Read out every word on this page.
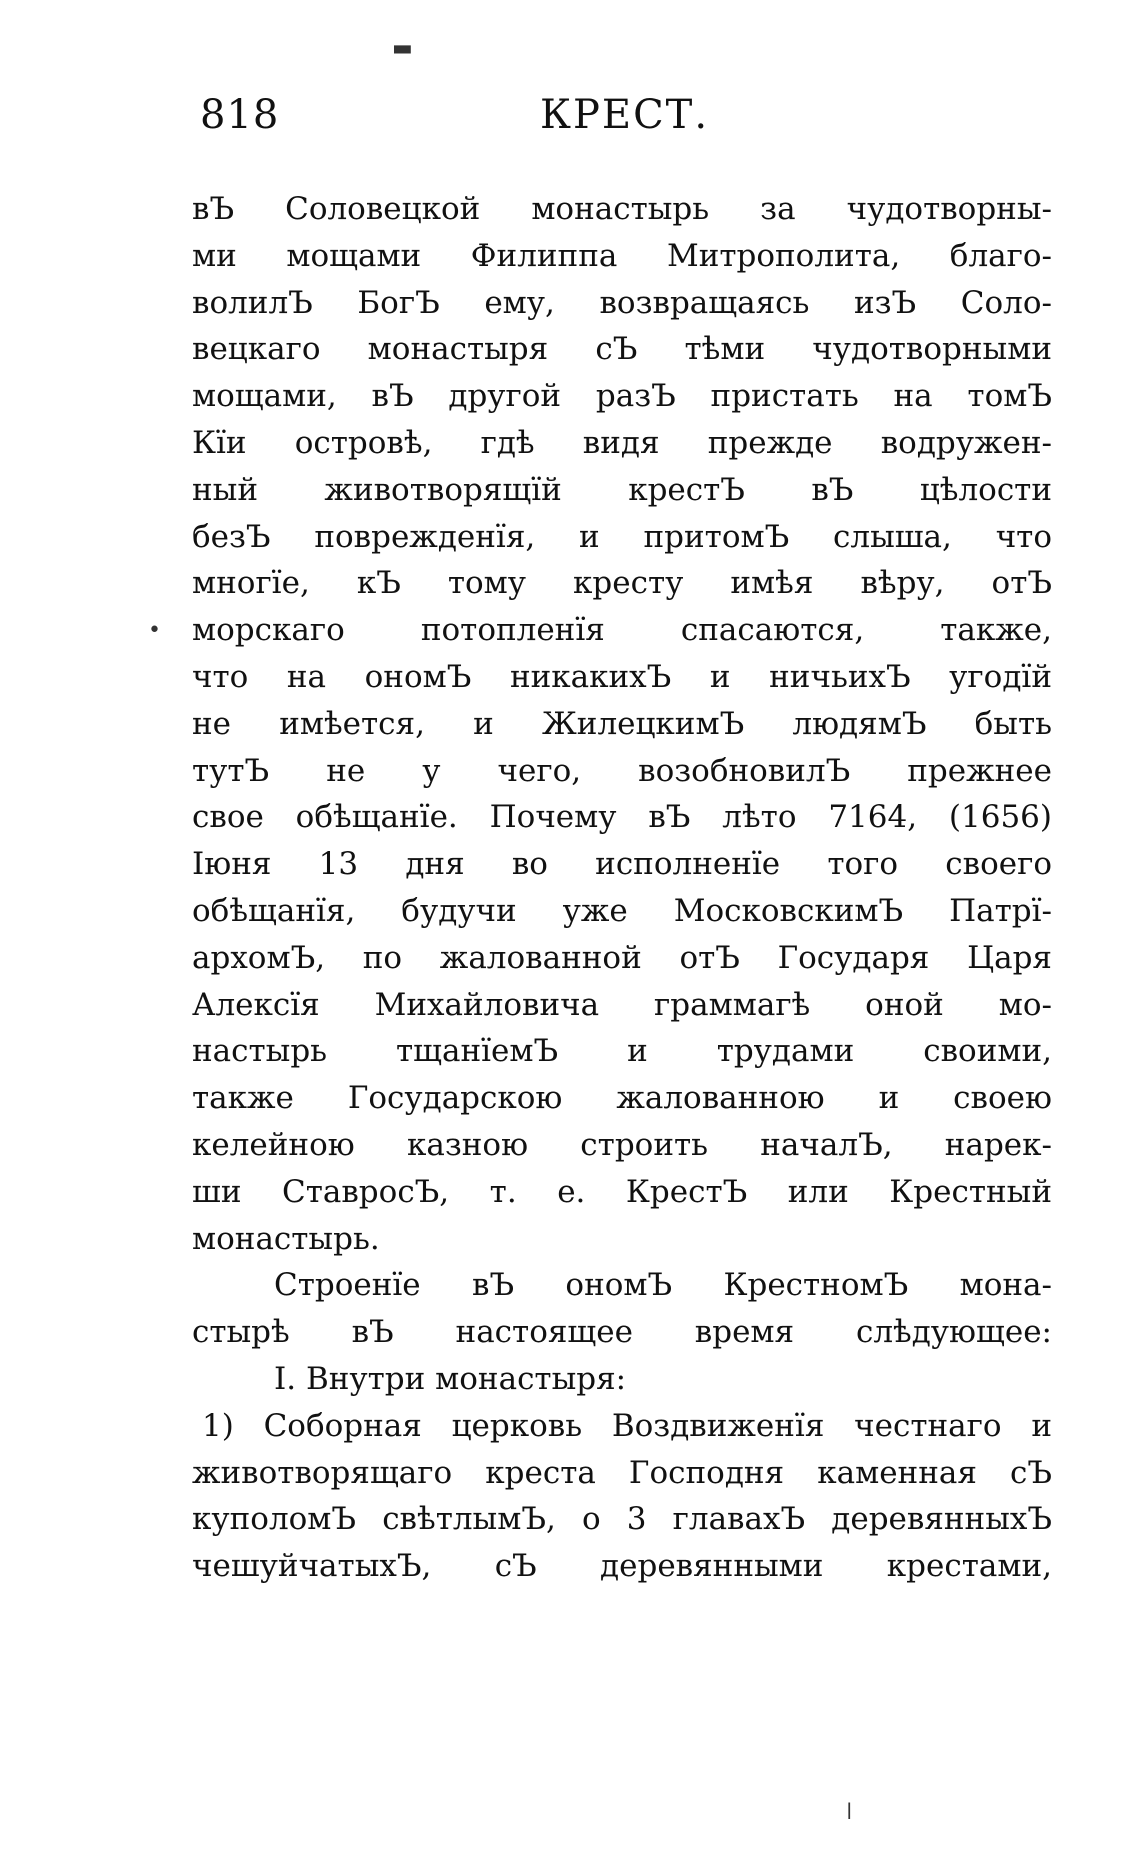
818	КРЕСТ.
вЪ Соловецкой монастырь за чудотворны-
ми мощами Филиппа Митрополита, благо-
волилЪ БогЪ ему, возвращаясь изЪ Соло-
вецкаго монастыря сЪ тѣми чудотворными
мощами, вЪ другой разЪ пристать на томЪ
Кїи островѣ, гдѣ видя прежде водружен-
ный животворящїй крестЪ вЪ цѣлости
безЪ поврежденїя, и притомЪ слыша, что
многїе, кЪ тому кресту имѣя вѣру, отЪ
морскаго потопленїя спасаются, также,
что на ономЪ никакихЪ и ничьихЪ угодїй
не имѣется, и ЖилецкимЪ людямЪ быть
тутЪ не у чего, возобновилЪ прежнее
свое обѣщанїе. Почему вЪ лѣто 7164, (1656)
Iюня 13 дня во исполненїе того своего
обѣщанїя, будучи уже МосковскимЪ Патрї-
архомЪ, по жалованной отЪ Государя Царя
Алексїя Михайловича граммагѣ оной мо-
настырь тщанїемЪ и трудами своими,
также Государскою жалованною и своею
келейною казною строить началЪ, нарек-
ши СтавросЪ, т. е. КрестЪ или Крестный
монастырь.
Строенїе вЪ ономЪ КрестномЪ мона-
стырѣ вЪ настоящее время слѣдующее:
I. Внутри монастыря:
1) Соборная церковь Воздвиженїя честнаго и
животворящаго креста Господня каменная сЪ
куполомЪ свѣтлымЪ, о 3 главахЪ деревянныхЪ
чешуйчатыхЪ, сЪ деревянными крестами,
▬
•
ǀ
